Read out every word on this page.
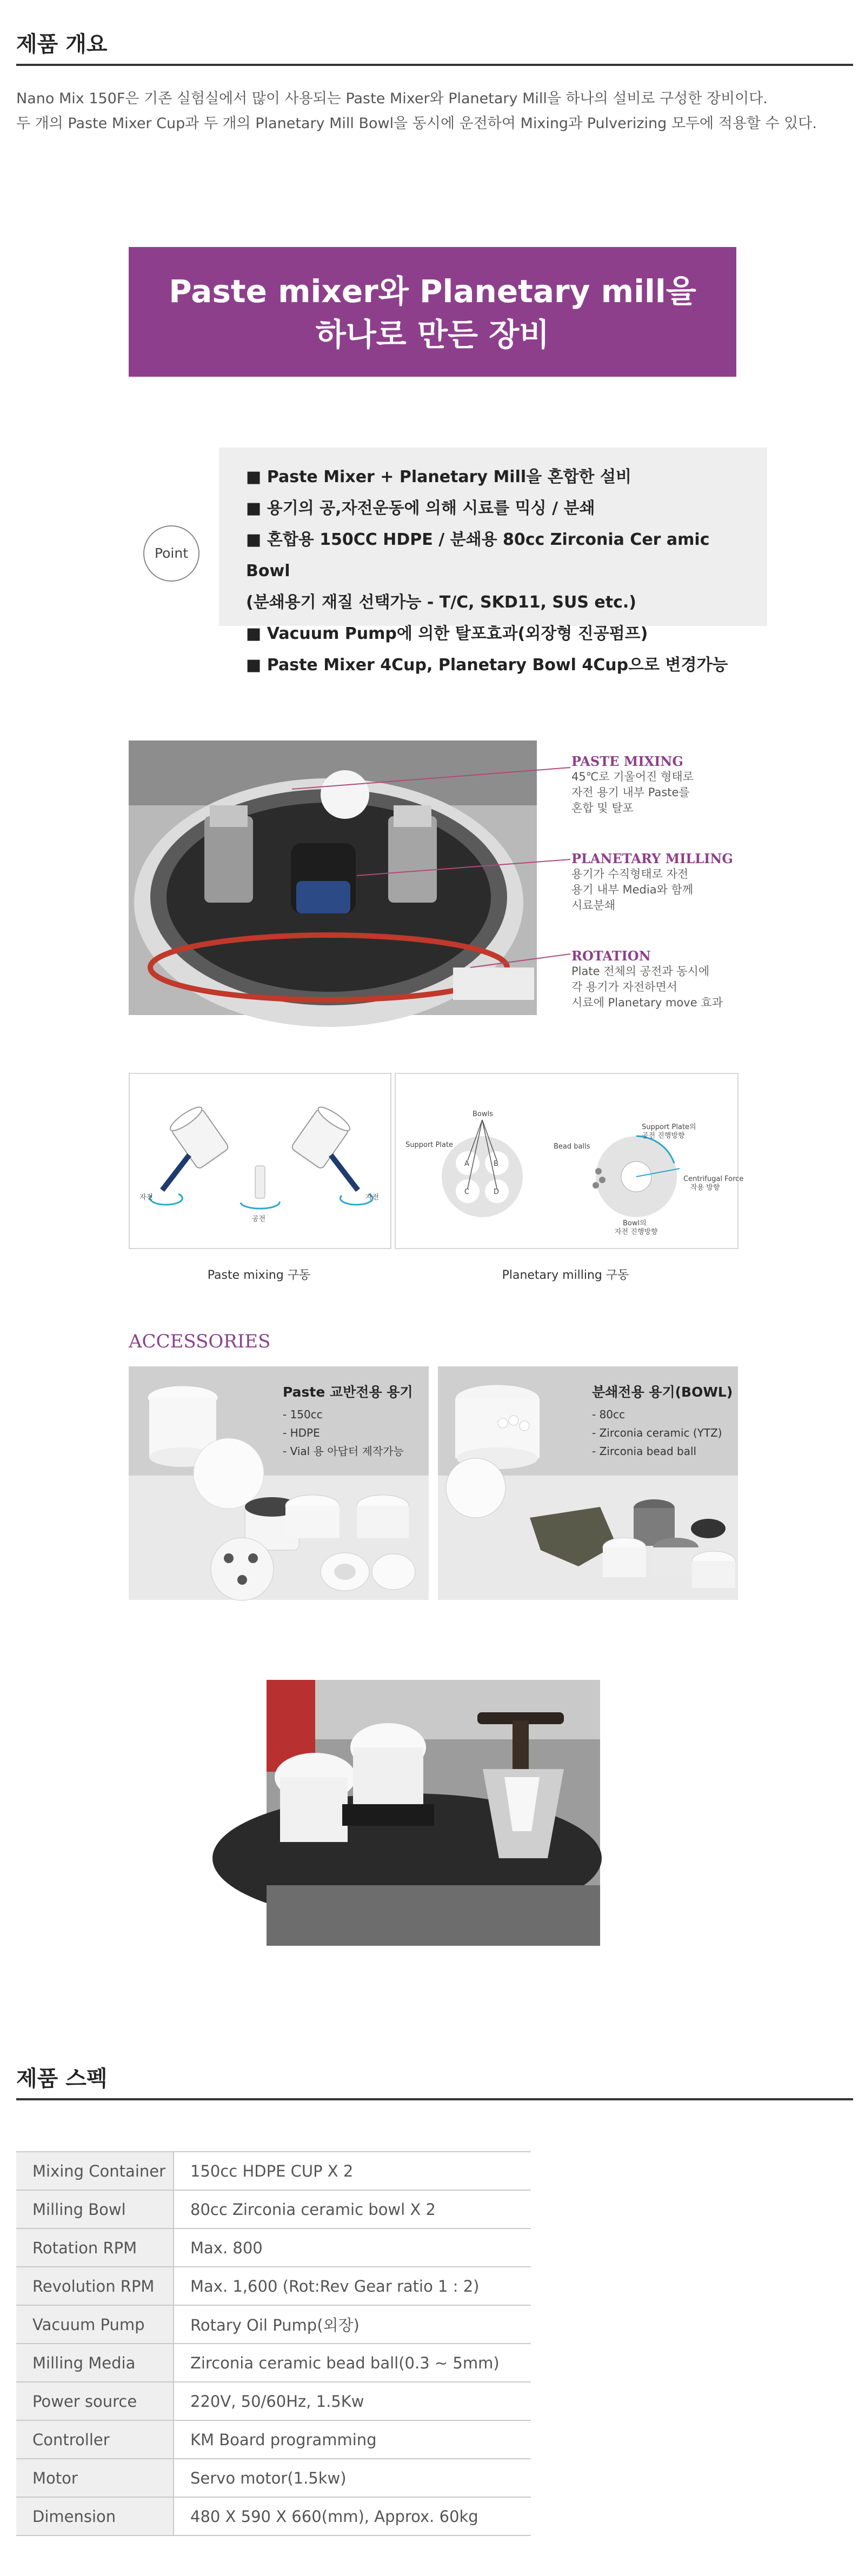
제품 개요
Nano Mix 150F은 기존 실험실에서 많이 사용되는 Paste Mixer와 Planetary Mill을 하나의 설비로 구성한 장비이다.
두 개의 Paste Mixer Cup과 두 개의 Planetary Mill Bowl을 동시에 운전하여 Mixing과 Pulverizing 모두에 적용할 수 있다.
Paste mixer와 Planetary mill을
하나로 만든 장비
Point
■ Paste Mixer + Planetary Mill을 혼합한 설비
■ 용기의 공,자전운동에 의해 시료를 믹싱 / 분쇄
■ 혼합용 150CC HDPE / 분쇄용 80cc Zirconia Cer amic Bowl
(분쇄용기 재질 선택가능 - T/C, SKD11, SUS etc.)
■ Vacuum Pump에 의한 탈포효과(외장형 진공펌프)
■ Paste Mixer 4Cup, Planetary Bowl 4Cup으로 변경가능
PASTE MIXING
45℃로 기울어진 형태로
자전 용기 내부 Paste를
혼합 및 탈포
PLANETARY MILLING
용기가 수직형태로 자전
용기 내부 Media와 함께
시료분쇄
ROTATION
Plate 전체의 공전과 동시에
각 용기가 자전하면서
시료에 Planetary move 효과
자전
공전
자전
Bowls
Support Plate
A	B
C	D
Bead balls
Support Plate의
공전 진행방향
Centrifugal Force
작용 방향
Bowl의
자전 진행방향
Paste mixing 구동	Planetary milling 구동
ACCESSORIES
Paste 교반전용 용기
- 150cc
- HDPE
- Vial 용 아답터 제작가능
분쇄전용 용기(BOWL)
- 80cc
- Zirconia ceramic (YTZ)
- Zirconia bead ball
제품 스펙
Mixing Container	150cc HDPE CUP X 2
Milling Bowl	80cc Zirconia ceramic bowl X 2
Rotation RPM	Max. 800
Revolution RPM	Max. 1,600 (Rot:Rev Gear ratio 1 : 2)
Vacuum Pump	Rotary Oil Pump(외장)
Milling Media	Zirconia ceramic bead ball(0.3 ~ 5mm)
Power source	220V, 50/60Hz, 1.5Kw
Controller	KM Board programming
Motor	Servo motor(1.5kw)
Dimension	480 X 590 X 660(mm), Approx. 60kg
